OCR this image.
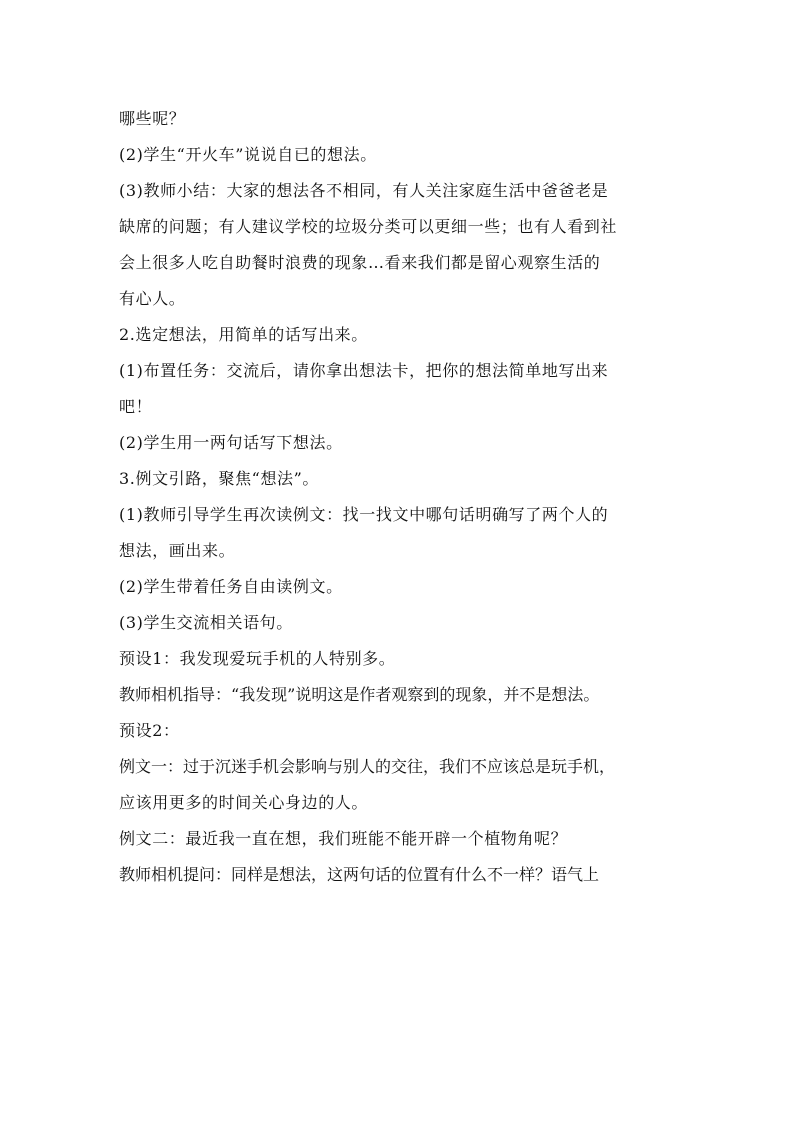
哪些呢？
(2)学生“开火车”说说自已的想法。
(3)教师小结：大家的想法各不相同，有人关注家庭生活中爸爸老是
缺席的问题；有人建议学校的垃圾分类可以更细一些；也有人看到社
会上很多人吃自助餐时浪费的现象…看来我们都是留心观察生活的
有心人。
2.选定想法，用简单的话写出来。
(1)布置任务：交流后，请你拿出想法卡，把你的想法简单地写出来
吧！
(2)学生用一两句话写下想法。
3.例文引路，聚焦“想法”。
(1)教师引导学生再次读例文：找一找文中哪句话明确写了两个人的
想法，画出来。
(2)学生带着任务自由读例文。
(3)学生交流相关语句。
预设1：我发现爱玩手机的人特别多。
教师相机指导：“我发现”说明这是作者观察到的现象，并不是想法。
预设2：
例文一：过于沉迷手机会影响与别人的交往，我们不应该总是玩手机，
应该用更多的时间关心身边的人。
例文二：最近我一直在想，我们班能不能开辟一个植物角呢？
教师相机提问：同样是想法，这两句话的位置有什么不一样？语气上
